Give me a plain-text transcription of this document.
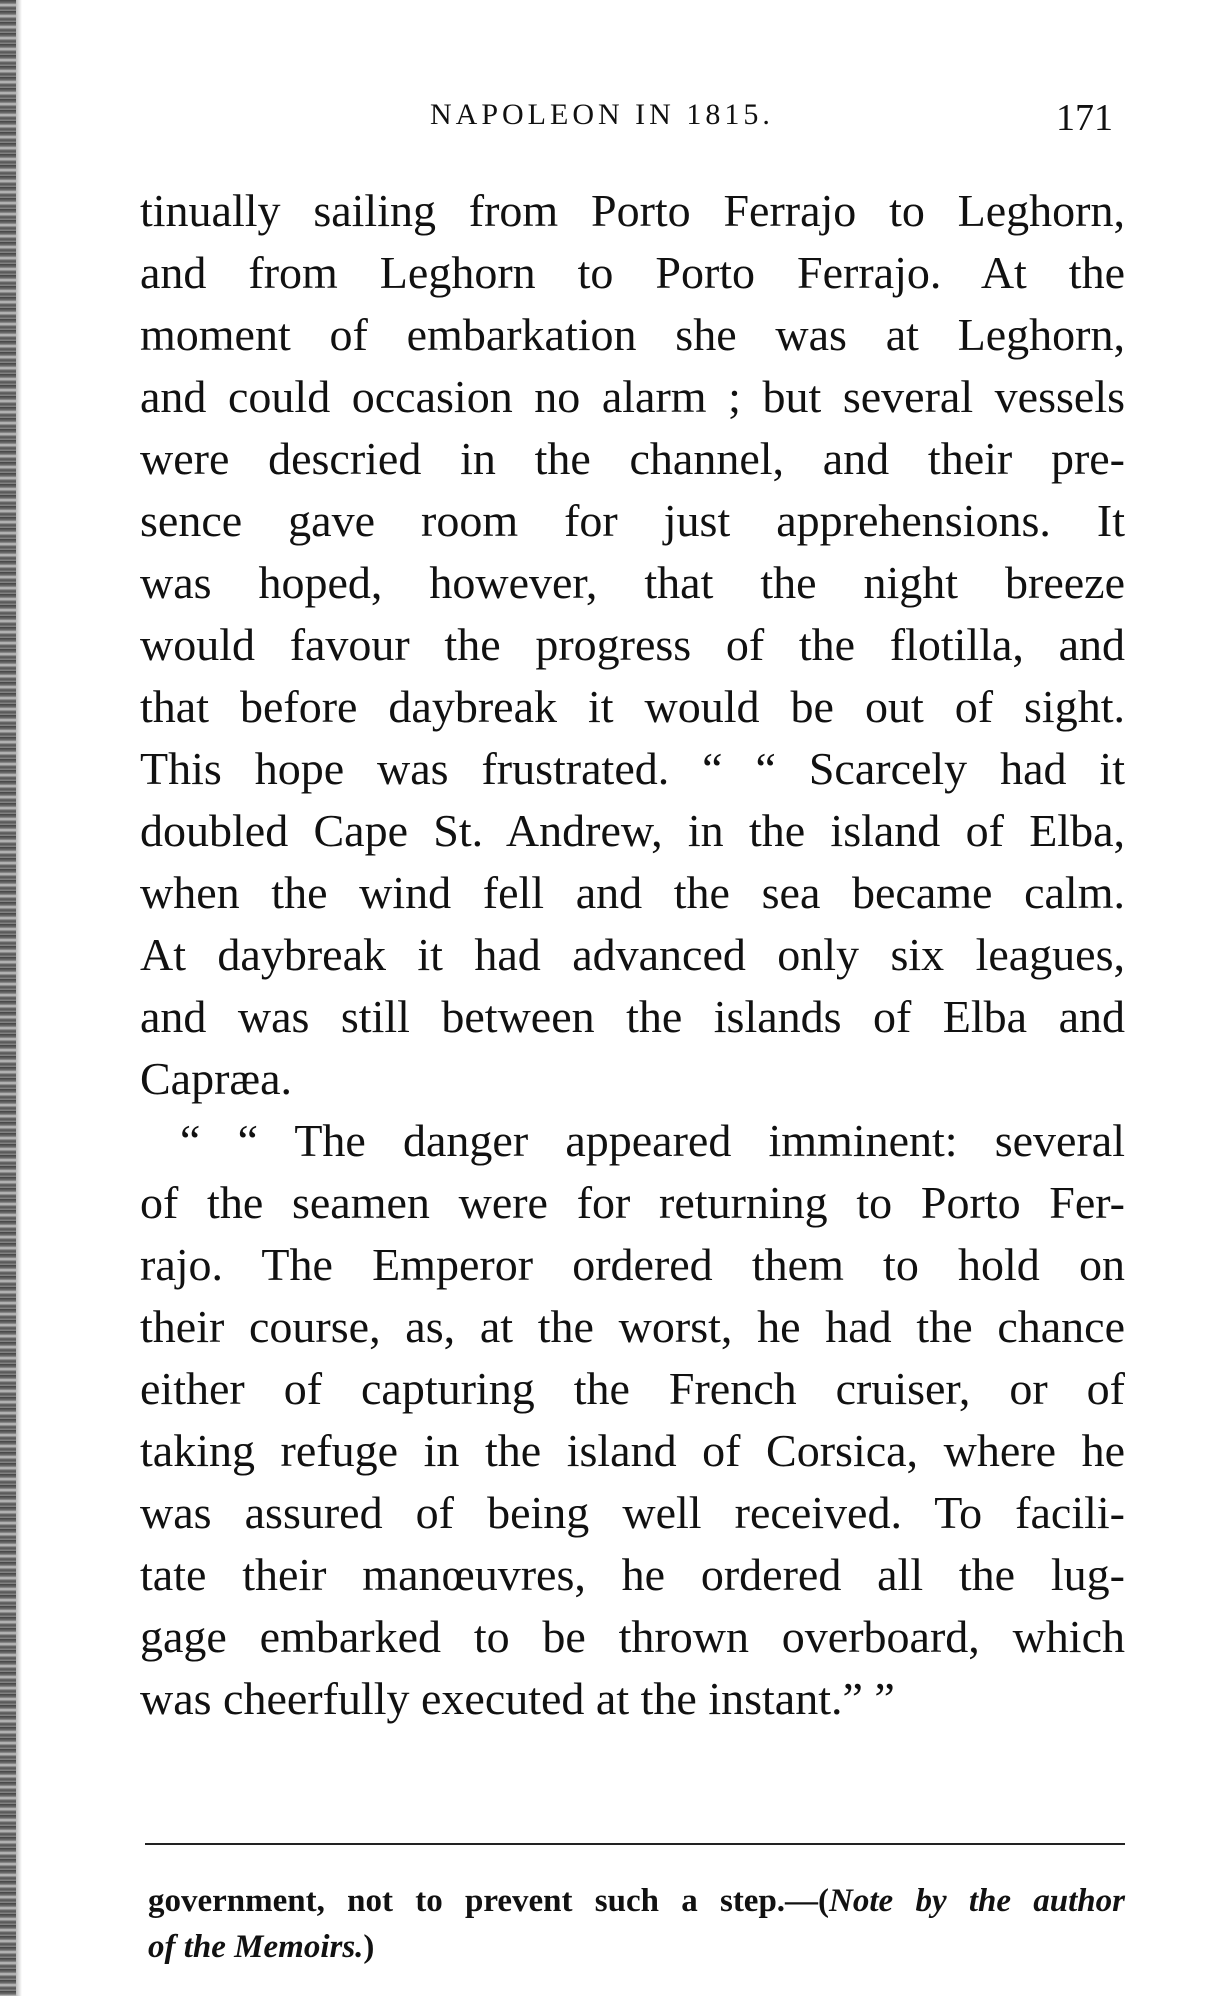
NAPOLEON IN 1815.	171
tinually sailing from Porto Ferrajo to Leghorn,
and from Leghorn to Porto Ferrajo. At the
moment of embarkation she was at Leghorn,
and could occasion no alarm ; but several vessels
were descried in the channel, and their pre-
sence gave room for just apprehensions. It
was hoped, however, that the night breeze
would favour the progress of the flotilla, and
that before daybreak it would be out of sight.
This hope was frustrated. “ “ Scarcely had it
doubled Cape St. Andrew, in the island of Elba,
when the wind fell and the sea became calm.
At daybreak it had advanced only six leagues,
and was still between the islands of Elba and
Capræa.
“ “ The danger appeared imminent: several
of the seamen were for returning to Porto Fer-
rajo. The Emperor ordered them to hold on
their course, as, at the worst, he had the chance
either of capturing the French cruiser, or of
taking refuge in the island of Corsica, where he
was assured of being well received. To facili-
tate their manœuvres, he ordered all the lug-
gage embarked to be thrown overboard, which
was cheerfully executed at the instant.” ”
government, not to prevent such a step.—(Note by the author
of the Memoirs.)
